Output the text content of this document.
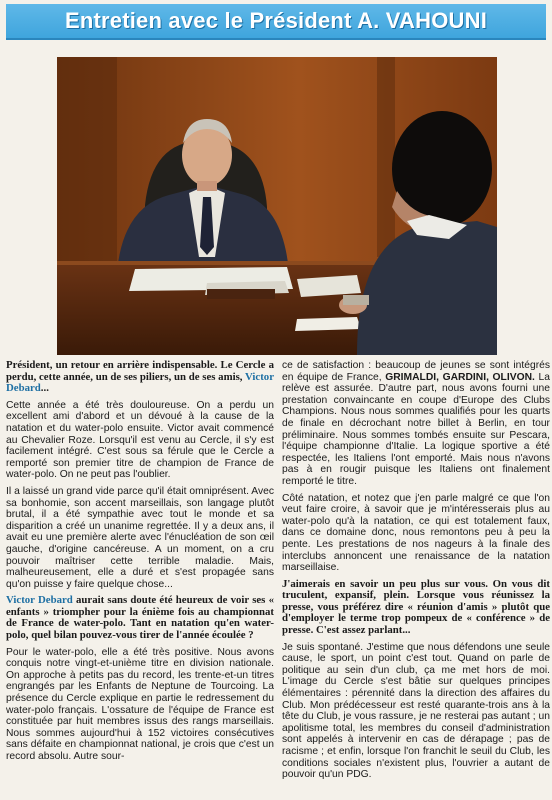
Entretien avec le Président A. VAHOUNI

Président, un retour en arrière indispensable. Le Cercle a perdu, cette année, un de ses piliers, un de ses amis, Victor Debard...

Cette année a été très douloureuse. On a perdu un excellent ami d'abord et un dévoué à la cause de la natation et du water-polo ensuite. Victor avait commencé au Chevalier Roze. Lorsqu'il est venu au Cercle, il s'y est facilement intégré. C'est sous sa férule que le Cercle a remporté son premier titre de champion de France de water-polo. On ne peut pas l'oublier.

Il a laissé un grand vide parce qu'il était omniprésent. Avec sa bonhomie, son accent marseillais, son langage plutôt brutal, il a été sympathie avec tout le monde et sa disparition a créé un unanime regrettée. Il y a deux ans, il avait eu une première alerte avec l'énucléation de son œil gauche, d'origine cancéreuse. A un moment, on a cru pouvoir maîtriser cette terrible maladie. Mais, malheureusement, elle a duré et s'est propagée sans qu'on puisse y faire quelque chose...

Victor Debard aurait sans doute été heureux de voir ses « enfants » triompher pour la énième fois au championnat de France de water-polo. Tant en natation qu'en water-polo, quel bilan pouvez-vous tirer de l'année écoulée ?

Pour le water-polo, elle a été très positive. Nous avons conquis notre vingt-et-unième titre en division nationale. On approche à petits pas du record, les trente-et-un titres engrangés par les Enfants de Neptune de Tourcoing. La présence du Cercle explique en partie le redressement du water-polo français. L'ossature de l'équipe de France est constituée par huit membres issus des rangs marseillais. Nous sommes aujourd'hui à 152 victoires consécutives sans défaite en championnat national, je crois que c'est un record absolu. Autre sour-

ce de satisfaction : beaucoup de jeunes se sont intégrés en équipe de France, GRIMALDI, GARDINI, OLIVON. La relève est assurée. D'autre part, nous avons fourni une prestation convaincante en coupe d'Europe des Clubs Champions. Nous nous sommes qualifiés pour les quarts de finale en décrochant notre billet à Berlin, en tour préliminaire. Nous sommes tombés ensuite sur Pescara, l'équipe championne d'Italie. La logique sportive a été respectée, les Italiens l'ont emporté. Mais nous n'avons pas à en rougir puisque les Italiens ont finalement remporté le titre.

Côté natation, et notez que j'en parle malgré ce que l'on veut faire croire, à savoir que je m'intéresserais plus au water-polo qu'à la natation, ce qui est totalement faux, dans ce domaine donc, nous remontons peu à peu la pente. Les prestations de nos nageurs à la finale des interclubs annoncent une renaissance de la natation marseillaise.

J'aimerais en savoir un peu plus sur vous. On vous dit truculent, expansif, plein. Lorsque vous réunissez la presse, vous préférez dire « réunion d'amis » plutôt que d'employer le terme trop pompeux de « conférence » de presse. C'est assez parlant...

Je suis spontané. J'estime que nous défendons une seule cause, le sport, un point c'est tout. Quand on parle de politique au sein d'un club, ça me met hors de moi. L'image du Cercle s'est bâtie sur quelques principes élémentaires : pérennité dans la direction des affaires du Club. Mon prédécesseur est resté quarante-trois ans à la tête du Club, je vous rassure, je ne resterai pas autant ; un apolitisme total, les membres du conseil d'administration sont appelés à intervenir en cas de dérapage ; pas de racisme ; et enfin, lorsque l'on franchit le seuil du Club, les conditions sociales n'existent plus, l'ouvrier a autant de pouvoir qu'un PDG.
